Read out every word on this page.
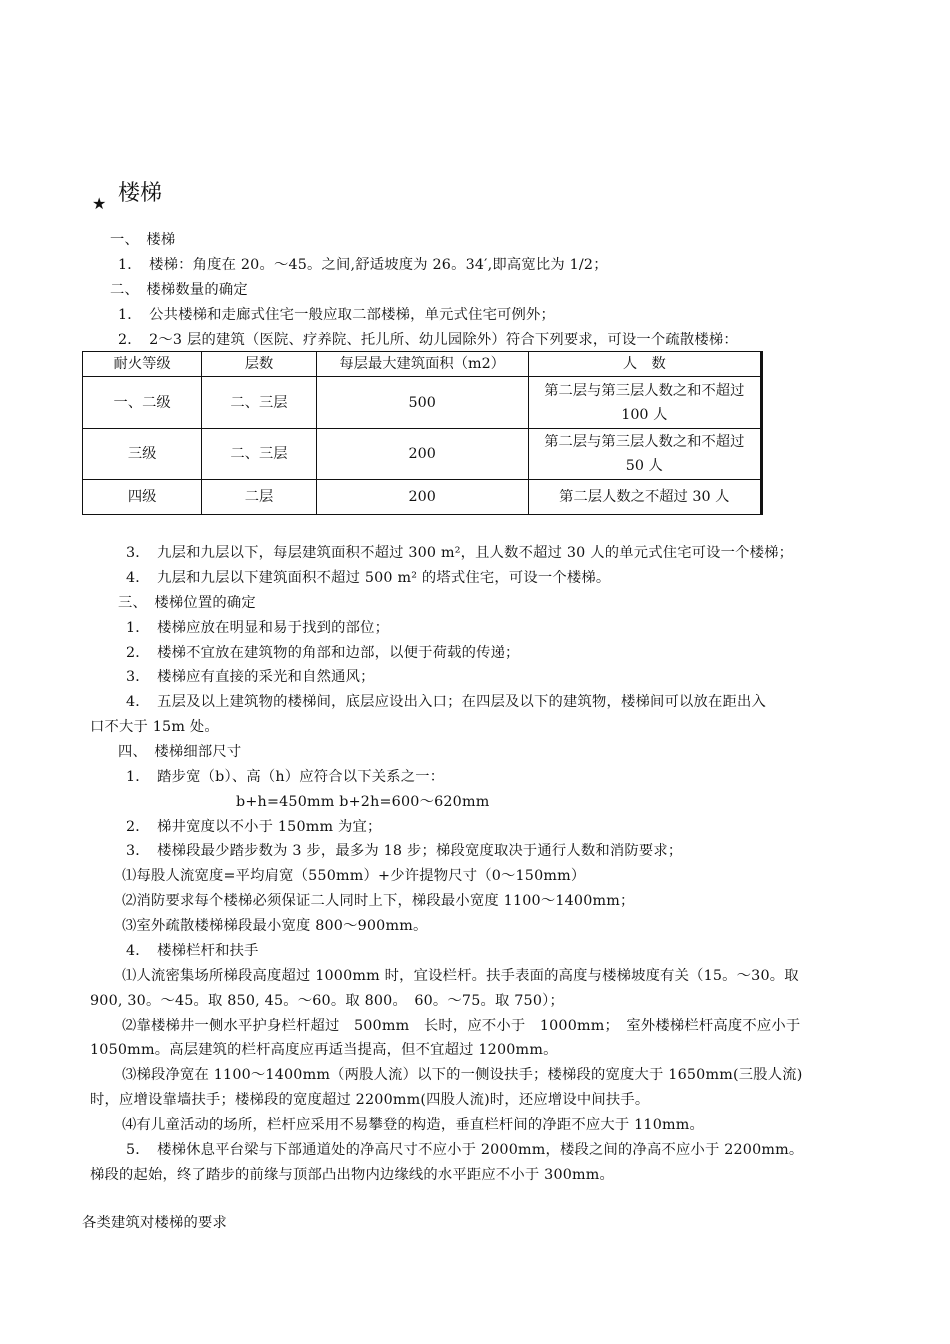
★ 楼梯
一、　楼梯
1．　楼梯：角度在 20。～45。之间,舒适坡度为 26。34′,即高宽比为 1/2；
二、　楼梯数量的确定
1．　公共楼梯和走廊式住宅一般应取二部楼梯，单元式住宅可例外；
2．　2～3 层的建筑（医院、疗养院、托儿所、幼儿园除外）符合下列要求，可设一个疏散楼梯：
耐火等级	层数	每层最大建筑面积（m2）	人　数
一、二级	二、三层	500	第二层与第三层人数之和不超过 100 人
三级	二、三层	200	第二层与第三层人数之和不超过 50 人
四级	二层	200	第二层人数之不超过 30 人
3．　九层和九层以下，每层建筑面积不超过 300 m²，且人数不超过 30 人的单元式住宅可设一个楼梯；
4．　九层和九层以下建筑面积不超过 500 m² 的塔式住宅，可设一个楼梯。
三、　楼梯位置的确定
1．　楼梯应放在明显和易于找到的部位；
2．　楼梯不宜放在建筑物的角部和边部，以便于荷载的传递；
3．　楼梯应有直接的采光和自然通风；
4．　五层及以上建筑物的楼梯间，底层应设出入口；在四层及以下的建筑物，楼梯间可以放在距出入
口不大于 15m 处。
四、　楼梯细部尺寸
1．　踏步宽（b）、高（h）应符合以下关系之一：
b+h=450mm b+2h=600～620mm
2．　梯井宽度以不小于 150mm 为宜；
3．　楼梯段最少踏步数为 3 步，最多为 18 步；梯段宽度取决于通行人数和消防要求；
⑴每股人流宽度=平均肩宽（550mm）+少许提物尺寸（0～150mm）
⑵消防要求每个楼梯必须保证二人同时上下，梯段最小宽度 1100～1400mm；
⑶室外疏散楼梯梯段最小宽度 800～900mm。
4．　楼梯栏杆和扶手
⑴人流密集场所梯段高度超过 1000mm 时，宜设栏杆。扶手表面的高度与楼梯坡度有关（15。～30。取
900, 30。～45。取 850, 45。～60。取 800。　60。～75。取 750）；
⑵靠楼梯井一侧水平护身栏杆超过　500mm　长时，应不小于　1000mm；　室外楼梯栏杆高度不应小于
1050mm。高层建筑的栏杆高度应再适当提高，但不宜超过 1200mm。
⑶梯段净宽在 1100～1400mm（两股人流）以下的一侧设扶手；楼梯段的宽度大于 1650mm(三股人流)
时，应增设靠墙扶手；楼梯段的宽度超过 2200mm(四股人流)时，还应增设中间扶手。
⑷有儿童活动的场所，栏杆应采用不易攀登的构造，垂直栏杆间的净距不应大于 110mm。
5．　楼梯休息平台梁与下部通道处的净高尺寸不应小于 2000mm，楼段之间的净高不应小于 2200mm。
梯段的起始，终了踏步的前缘与顶部凸出物内边缘线的水平距应不小于 300mm。
各类建筑对楼梯的要求
